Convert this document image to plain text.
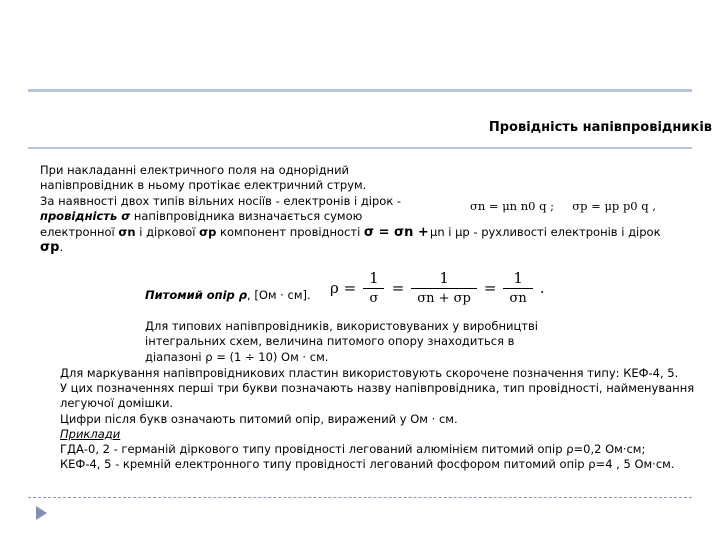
Провідність напівпровідників

При накладанні електричного поля на однорідний напівпровідник в ньому протікає електричний струм.

За наявності двох типів вільних носіїв - електронів і дірок - провідність σ напівпровідника визначається сумою електронної σn і діркової σp компонент провідності σ = σn + σp.

σn = μn n0 q ; σp = μp p0 q ,
μn і μp - рухливості електронів і дірок
$\rho = \frac{1}{\sigma} = \frac{1}{\sigma n + \sigma p} = \frac{1}{\sigma n}$ .
Питомий опір ρ, [Ом · см].
Для типових напівпровідників, використовуваних у виробництві інтегральних схем, величина питомого опору знаходиться в діапазоні ρ = (1 ÷ 10) Ом · см.

Для маркування напівпровідникових пластин використовують скорочене позначення типу: КЕФ-4, 5.

У цих позначеннях перші три букви позначають назву напівпровідника, тип провідності, найменування легуючої домішки.

Цифри після букв означають питомий опір, виражений у Ом · см.

Приклади

ГДА-0, 2 - германій діркового типу провідності легований алюмінієм питомий опір ρ=0,2 Ом·см;

КЕФ-4, 5 - кремній електронного типу провідності легований фосфором питомий опір ρ=4 , 5 Ом·см.
